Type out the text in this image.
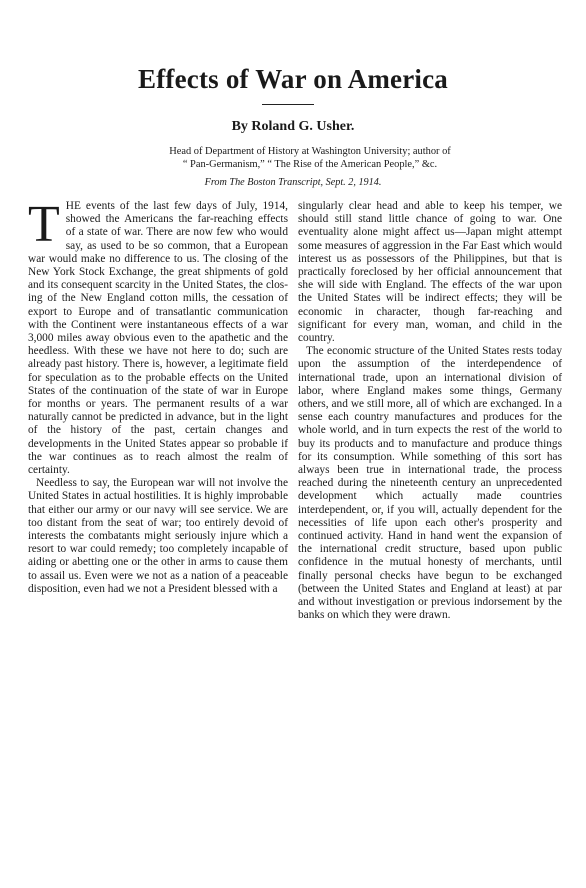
Effects of War on America
By Roland G. Usher.
Head of Department of History at Washington University; author of
“ Pan-Germanism,” “ The Rise of the American People,” &c.
From The Boston Transcript, Sept. 2, 1914.

THE events of the last few days of July, 1914, showed the Americans the far-reaching effects of a state of war. There are now few who would say, as used to be so common, that a European war would make no difference to us. The closing of the New York Stock Exchange, the great shipments of gold and its consequent scarcity in the United States, the closing of the New England cotton mills, the cessation of export to Europe and of transatlantic communication with the Continent were instantaneous effects of a war 3,000 miles away obvious even to the apathetic and the heedless. With these we have not here to do; such are already past history. There is, however, a legitimate field for speculation as to the probable effects on the United States of the continuation of the state of war in Europe for months or years. The permanent results of a war naturally cannot be predicted in advance, but in the light of the history of the past, certain changes and developments in the United States appear so probable if the war continues as to reach almost the realm of certainty.

Needless to say, the European war will not involve the United States in actual hostilities. It is highly improbable that either our army or our navy will see service. We are too distant from the seat of war; too entirely devoid of interests the combatants might seriously injure which a resort to war could remedy; too completely incapable of aiding or abetting one or the other in arms to cause them to assail us. Even were we not as a nation of a peaceable disposition, even had we not a President blessed with a

singularly clear head and able to keep his temper, we should still stand little chance of going to war. One eventuality alone might affect us—Japan might attempt some measures of aggression in the Far East which would interest us as possessors of the Philippines, but that is practically foreclosed by her official announcement that she will side with England. The effects of the war upon the United States will be indirect effects; they will be economic in character, though far-reaching and significant for every man, woman, and child in the country.

The economic structure of the United States rests today upon the assumption of the interdependence of international trade, upon an international division of labor, where England makes some things, Germany others, and we still more, all of which are exchanged. In a sense each country manufactures and produces for the whole world, and in turn expects the rest of the world to buy its products and to manufacture and produce things for its consumption. While something of this sort has always been true in international trade, the process reached during the nineteenth century an unprecedented development which actually made countries interdependent, or, if you will, actually dependent for the necessities of life upon each other's prosperity and continued activity. Hand in hand went the expansion of the international credit structure, based upon public confidence in the mutual honesty of merchants, until finally personal checks have begun to be exchanged (between the United States and England at least) at par and without investigation or previous indorsement by the banks on which they were drawn.
